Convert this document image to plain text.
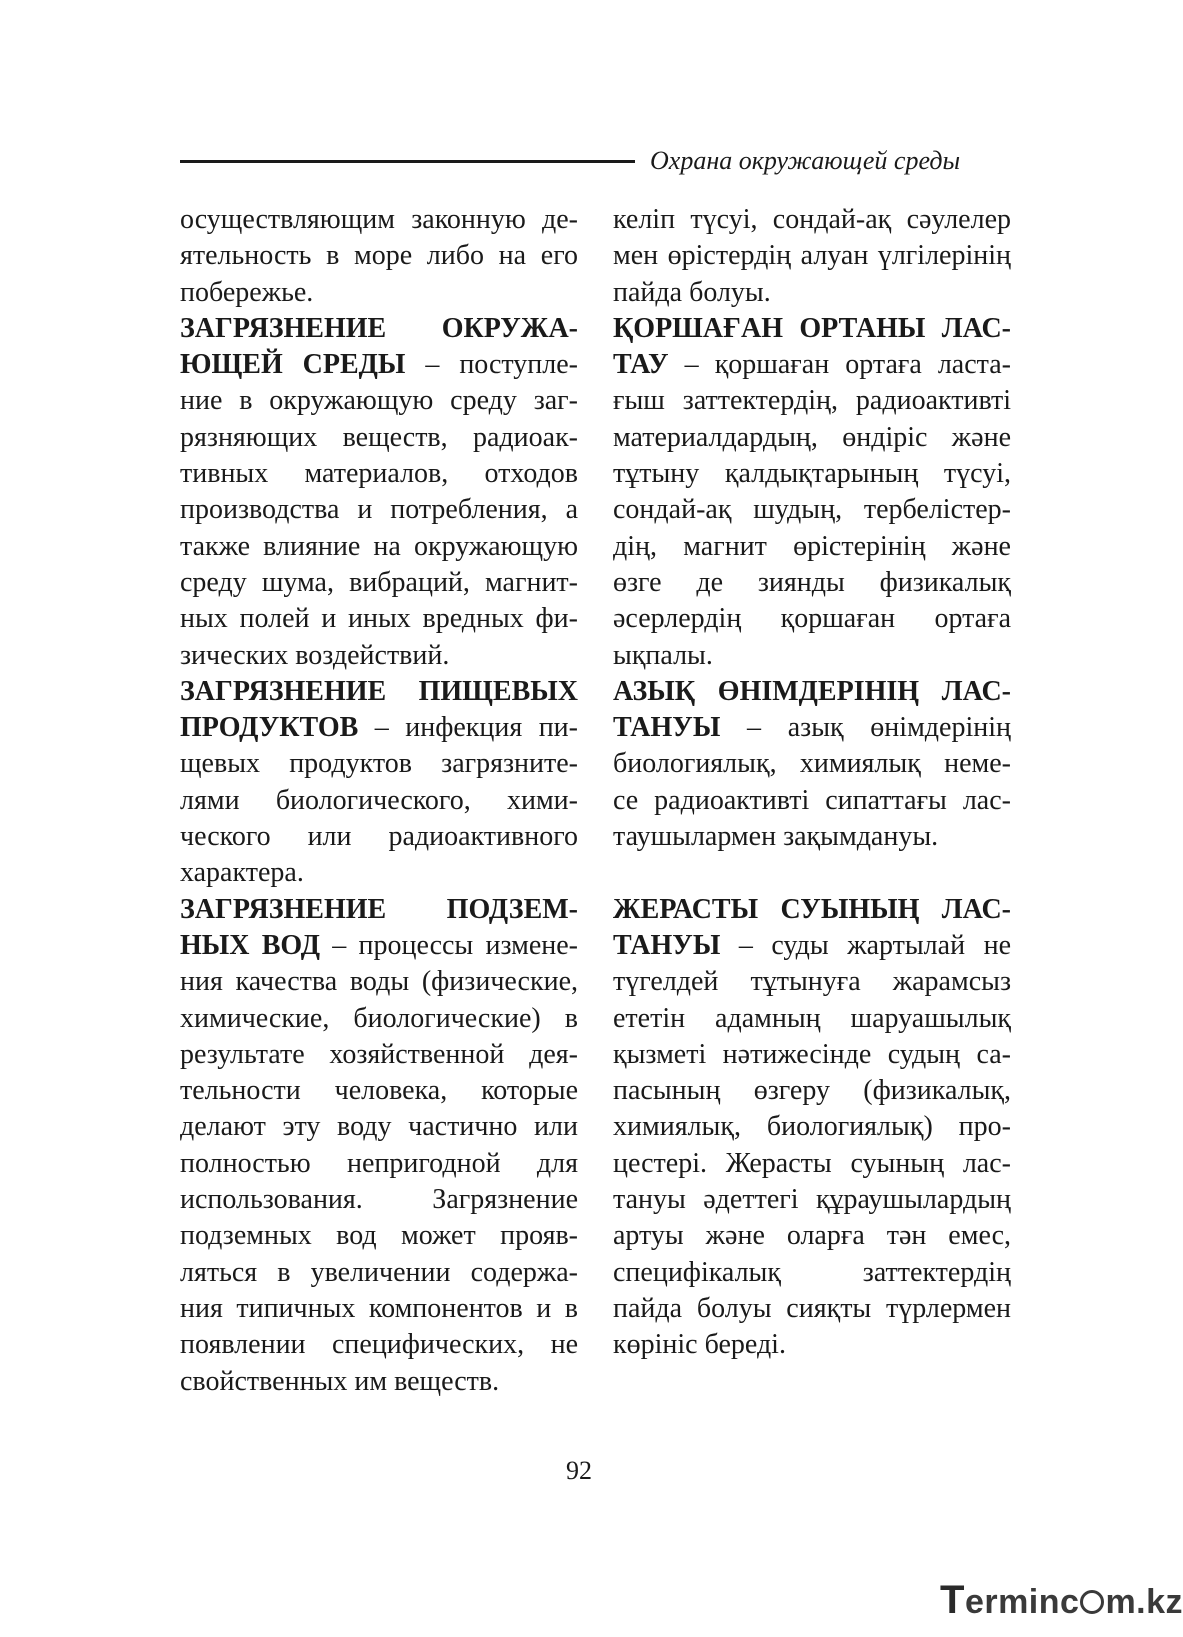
Охрана окружающей среды
осуществляющим законную де-
ятельность в море либо на его
побережье.
ЗАГРЯЗНЕНИЕ ОКРУЖА-
ЮЩЕЙ СРЕДЫ – поступле-
ние в окружающую среду заг-
рязняющих веществ, радиоак-
тивных материалов, отходов
производства и потребления, а
также влияние на окружающую
среду шума, вибраций, магнит-
ных полей и иных вредных фи-
зических воздействий.
ЗАГРЯЗНЕНИЕ ПИЩЕВЫХ
ПРОДУКТОВ – инфекция пи-
щевых продуктов загрязните-
лями биологического, хими-
ческого или радиоактивного
характера.
ЗАГРЯЗНЕНИЕ ПОДЗЕМ-
НЫХ ВОД – процессы измене-
ния качества воды (физические,
химические, биологические) в
результате хозяйственной дея-
тельности человека, которые
делают эту воду частично или
полностью непригодной для
использования. Загрязнение
подземных вод может прояв-
ляться в увеличении содержа-
ния типичных компонентов и в
появлении специфических, не
свойственных им веществ.
келіп түсуі, сондай-ақ сәулелер
мен өрістердің алуан үлгілерінің
пайда болуы.
ҚОРШАҒАН ОРТАНЫ ЛАС-
ТАУ – қоршаған ортаға ласта-
ғыш заттектердің, радиоактивті
материалдардың, өндіріс және
тұтыну қалдықтарының түсуі,
сондай-ақ шудың, тербелістер-
дің, магнит өрістерінің және
өзге де зиянды физикалық
әсерлердің қоршаған ортаға
ықпалы.
АЗЫҚ ӨНІМДЕРІНІҢ ЛАС-
ТАНУЫ – азық өнімдерінің
биологиялық, химиялық неме-
се радиоактивті сипаттағы лас-
таушылармен зақымдануы.
ЖЕРАСТЫ СУЫНЫҢ ЛАС-
ТАНУЫ – суды жартылай не
түгелдей тұтынуға жарамсыз
ететін адамның шаруашылық
қызметі нәтижесінде судың са-
пасының өзгеру (физикалық,
химиялық, биологиялық) про-
цестері. Жерасты суының лас-
тануы әдеттегі құраушылардың
артуы және оларға тән емес,
специфікалық заттектердің
пайда болуы сияқты түрлермен
көрініс береді.
92
Terminc m.kz
